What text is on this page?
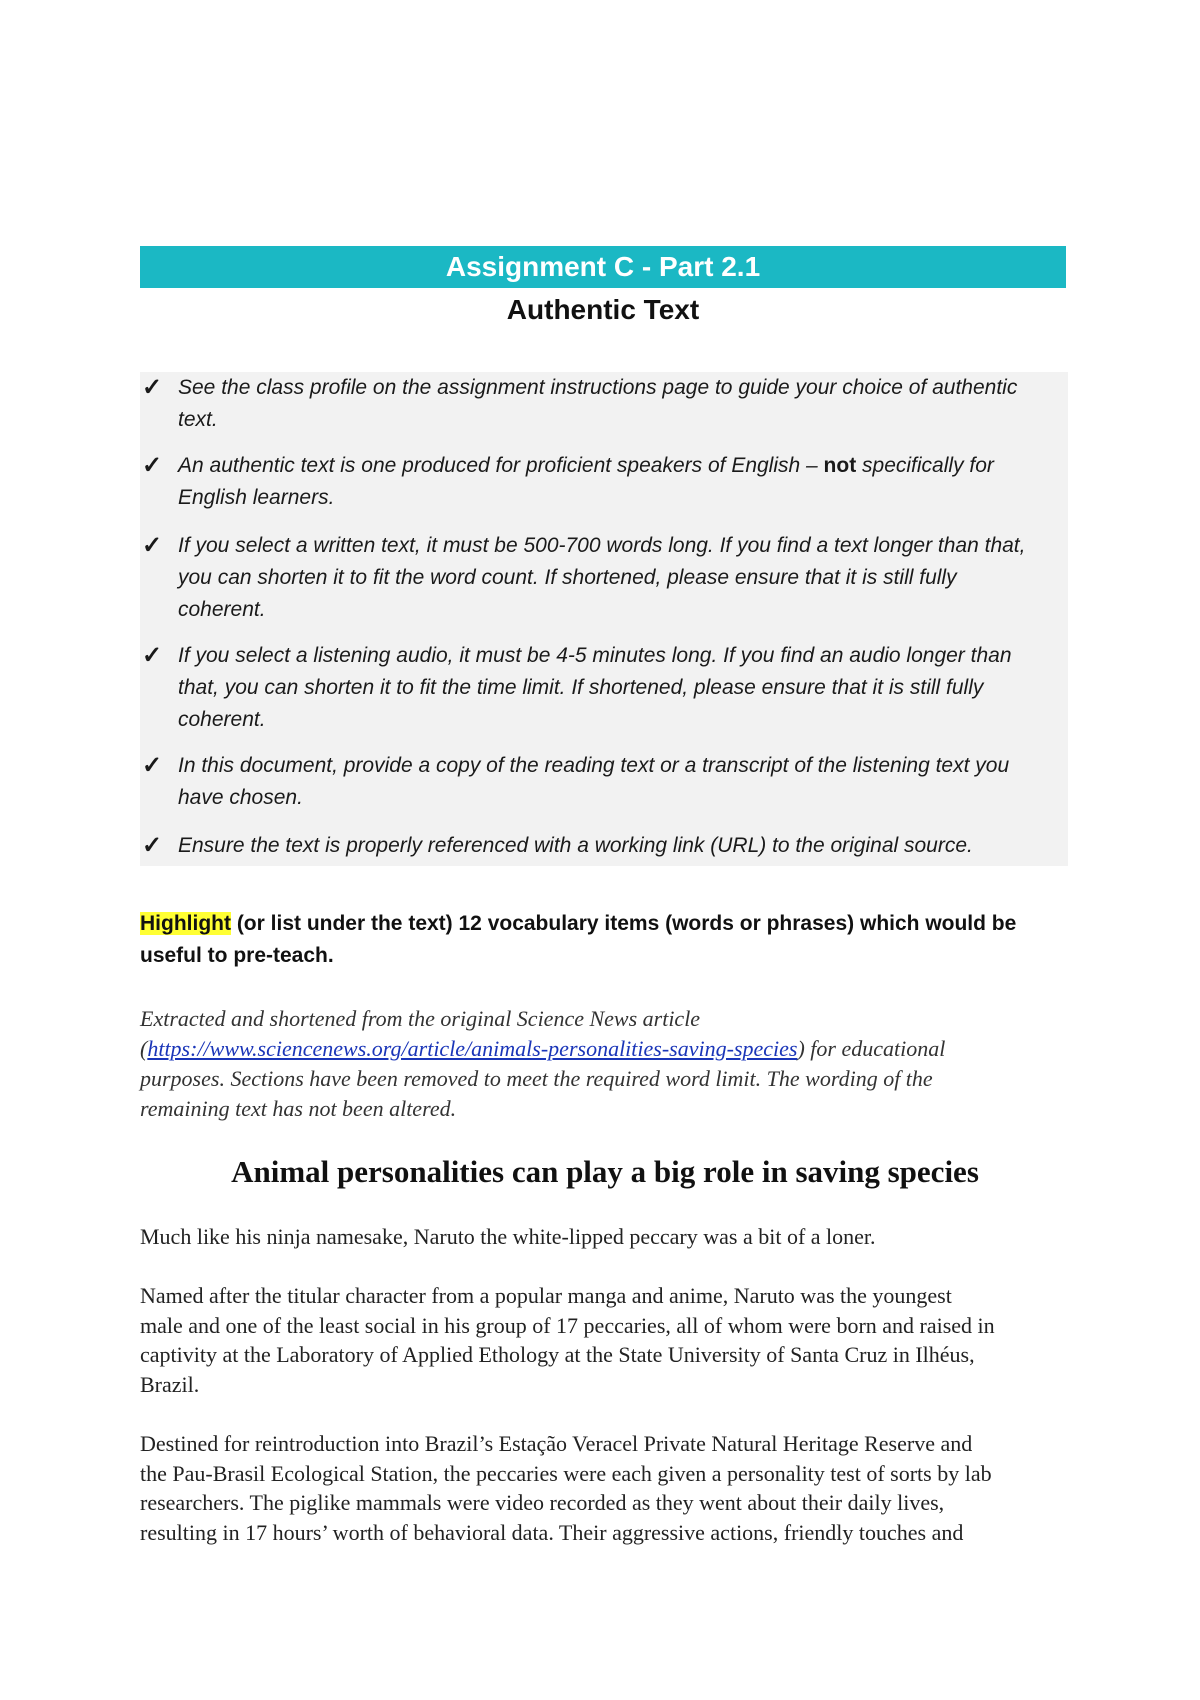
Assignment C - Part 2.1
Authentic Text
✓ See the class profile on the assignment instructions page to guide your choice of authentic
text.
✓ An authentic text is one produced for proficient speakers of English – not specifically for
English learners.
✓ If you select a written text, it must be 500-700 words long. If you find a text longer than that,
you can shorten it to fit the word count. If shortened, please ensure that it is still fully
coherent.
✓ If you select a listening audio, it must be 4-5 minutes long. If you find an audio longer than
that, you can shorten it to fit the time limit. If shortened, please ensure that it is still fully
coherent.
✓ In this document, provide a copy of the reading text or a transcript of the listening text you
have chosen.
✓ Ensure the text is properly referenced with a working link (URL) to the original source.
Highlight (or list under the text) 12 vocabulary items (words or phrases) which would be
useful to pre-teach.
Extracted and shortened from the original Science News article
(https://www.sciencenews.org/article/animals-personalities-saving-species) for educational
purposes. Sections have been removed to meet the required word limit. The wording of the
remaining text has not been altered.
Animal personalities can play a big role in saving species
Much like his ninja namesake, Naruto the white-lipped peccary was a bit of a loner.
Named after the titular character from a popular manga and anime, Naruto was the youngest
male and one of the least social in his group of 17 peccaries, all of whom were born and raised in
captivity at the Laboratory of Applied Ethology at the State University of Santa Cruz in Ilhéus,
Brazil.
Destined for reintroduction into Brazil’s Estação Veracel Private Natural Heritage Reserve and
the Pau-Brasil Ecological Station, the peccaries were each given a personality test of sorts by lab
researchers. The piglike mammals were video recorded as they went about their daily lives,
resulting in 17 hours’ worth of behavioral data. Their aggressive actions, friendly touches and
